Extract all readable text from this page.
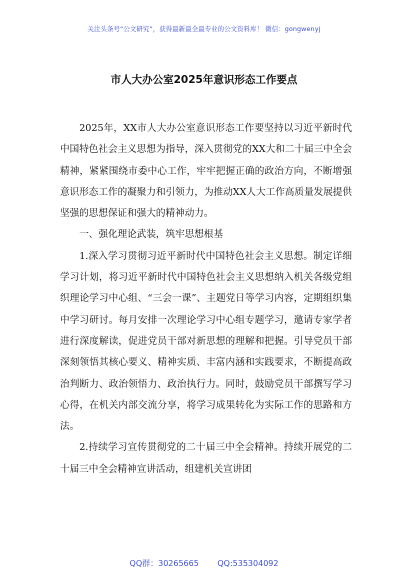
关注头条号“公文研究”，获得最新最全最专业的公文资料库！ 微信：gongwenyj
市人大办公室2025年意识形态工作要点

2025年，XX市人大办公室意识形态工作要坚持以习近平新时代中国特色社会主义思想为指导，深入贯彻党的XX大和二十届三中全会精神，紧紧围绕市委中心工作，牢牢把握正确的政治方向，不断增强意识形态工作的凝聚力和引领力，为推动XX人大工作高质量发展提供坚强的思想保证和强大的精神动力。

一、强化理论武装，筑牢思想根基

1.深入学习贯彻习近平新时代中国特色社会主义思想。制定详细学习计划，将习近平新时代中国特色社会主义思想纳入机关各级党组织理论学习中心组、“三会一课”、主题党日等学习内容，定期组织集中学习研讨。每月安排一次理论学习中心组专题学习，邀请专家学者进行深度解读，促进党员干部对新思想的理解和把握。引导党员干部深刻领悟其核心要义、精神实质、丰富内涵和实践要求，不断提高政治判断力、政治领悟力、政治执行力。同时，鼓励党员干部撰写学习心得，在机关内部交流分享，将学习成果转化为实际工作的思路和方法。

2.持续学习宣传贯彻党的二十届三中全会精神。持续开展党的二十届三中全会精神宣讲活动，组建机关宣讲团

QQ群：30265665 QQ:535304092
